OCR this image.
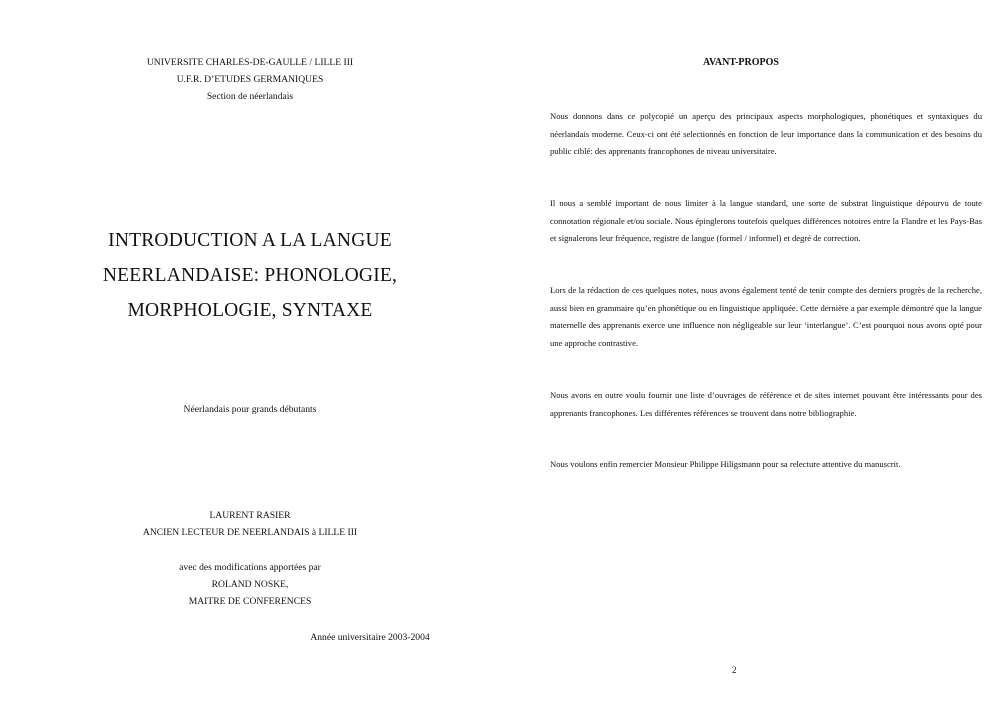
UNIVERSITE CHARLES-DE-GAULLE / LILLE III
U.F.R. D’ETUDES GERMANIQUES
Section de néerlandais
INTRODUCTION A LA LANGUE
NEERLANDAISE: PHONOLOGIE,
MORPHOLOGIE, SYNTAXE
Néerlandais pour grands débutants
LAURENT RASIER
ANCIEN LECTEUR DE NEERLANDAIS à LILLE III
avec des modifications apportées par
ROLAND NOSKE,
MAITRE DE CONFERENCES
Année universitaire 2003-2004
AVANT-PROPOS

Nous donnons dans ce polycopié un aperçu des principaux aspects morphologiques, phonétiques et syntaxiques du néerlandais moderne. Ceux-ci ont été selectionnés en fonction de leur importance dans la communication et des besoins du public ciblé: des apprenants francophones de niveau universitaire.

Il nous a semblé important de nous limiter à la langue standard, une sorte de substrat linguistique dépourvu de toute connotation régionale et/ou sociale. Nous épinglerons toutefois quelques différences notoires entre la Flandre et les Pays-Bas et signalerons leur fréquence, registre de langue (formel / informel) et degré de correction.

Lors de la rédaction de ces quelques notes, nous avons également tenté de tenir compte des derniers progrès de la recherche, aussi bien en grammaire qu’en phonétique ou en linguistique appliquée. Cette dernière a par exemple démontré que la langue maternelle des apprenants exerce une influence non négligeable sur leur ‘interlangue’. C’est pourquoi nous avons opté pour une approche contrastive.

Nous avons en outre voulu fournir une liste d’ouvrages de référence et de sites internet pouvant être intéressants pour des apprenants francophones. Les différentes références se trouvent dans notre bibliographie.

Nous voulons enfin remercier Monsieur Philippe Hiligsmann pour sa relecture attentive du manuscrit.

2
